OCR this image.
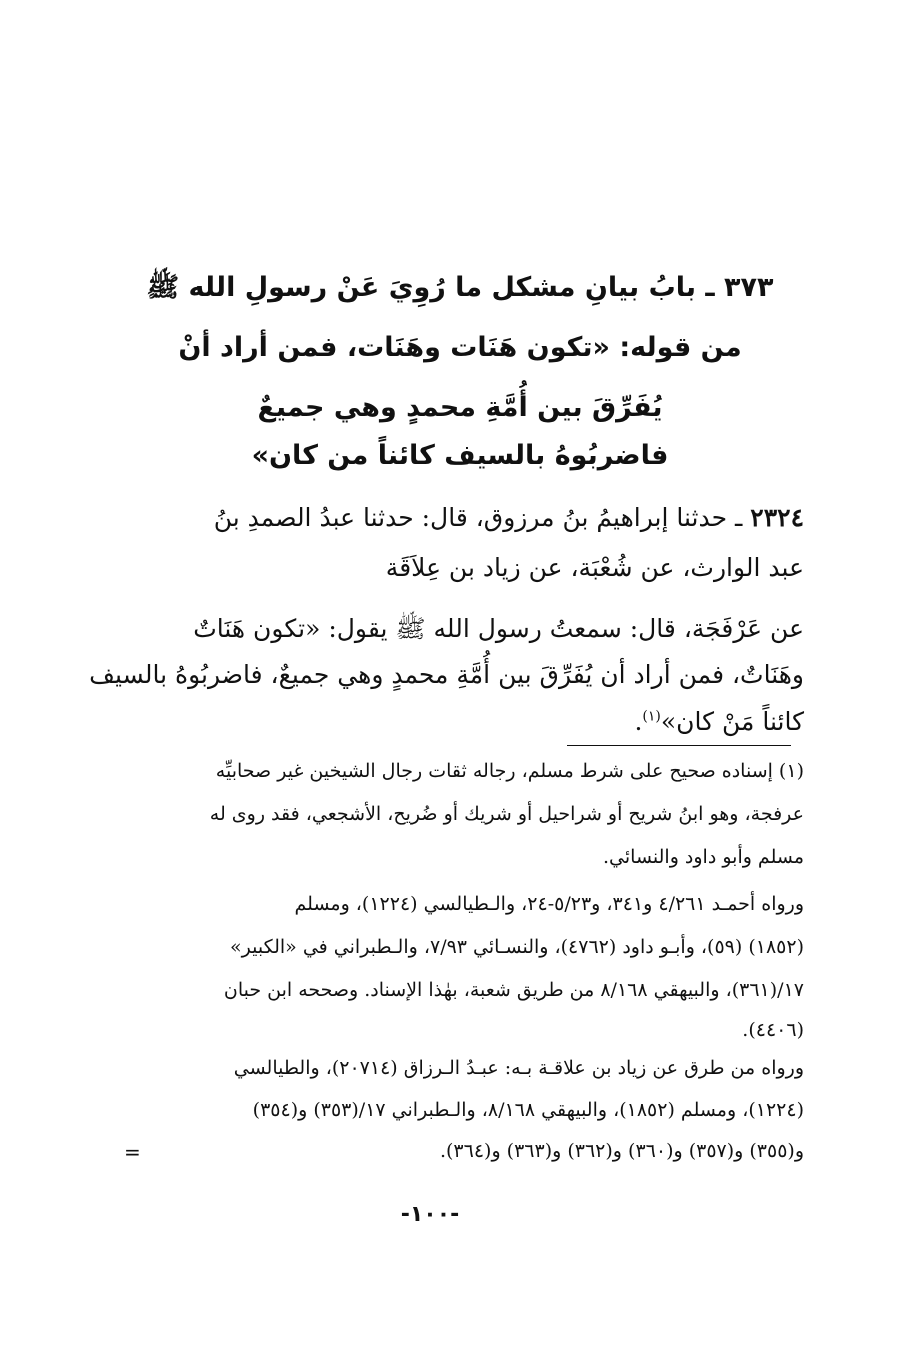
٣٧٣ ـ بابُ بيانِ مشكل ما رُوِيَ عَنْ رسولِ الله ﷺ

من قوله: «تكون هَنَات وهَنَات، فمن أراد أنْ

يُفَرِّقَ بين أُمَّةِ محمدٍ وهي جميعٌ

فاضربُوهُ بالسيف كائناً من كان»

٢٣٢٤ ـ حدثنا إبراهيمُ بنُ مرزوق، قال: حدثنا عبدُ الصمدِ بنُ

عبد الوارث، عن شُعْبَة، عن زياد بن عِلاَقَة

عن عَرْفَجَة، قال: سمعتُ رسول الله ﷺ يقول: «تكون هَنَاتٌ

وهَنَاتٌ، فمن أراد أن يُفَرِّقَ بين أُمَّةِ محمدٍ وهي جميعٌ، فاضربُوهُ بالسيف

كائناً مَنْ كان»$^{(١)}$.

(١) إسناده صحيح على شرط مسلم، رجاله ثقات رجال الشيخين غير صحابيِّه

عرفجة، وهو ابنُ شريح أو شراحيل أو شريك أو ضُريح، الأشجعي، فقد روى له

مسلم وأبو داود والنسائي.

ورواه أحمـد ٤/٢٦١ و٣٤١، و٥/٢٣-٢٤، والـطيالسي (١٢٢٤)، ومسلم

(١٨٥٢) (٥٩)، وأبـو داود (٤٧٦٢)، والنسـائي ٧/٩٣، والـطبراني في «الكبير»

١٧/(٣٦١)، والبيهقي ٨/١٦٨ من طريق شعبة، بهٰذا الإسناد. وصححه ابن حبان

(٤٤٠٦).

ورواه من طرق عن زياد بن علاقـة بـه: عبـدُ الـرزاق (٢٠٧١٤)، والطيالسي

(١٢٢٤)، ومسلم (١٨٥٢)، والبيهقي ٨/١٦٨، والـطبراني ١٧/(٣٥٣) و(٣٥٤)

و(٣٥٥) و(٣٥٧) و(٣٦٠) و(٣٦٢) و(٣٦٣) و(٣٦٤).

=
-١٠٠-
